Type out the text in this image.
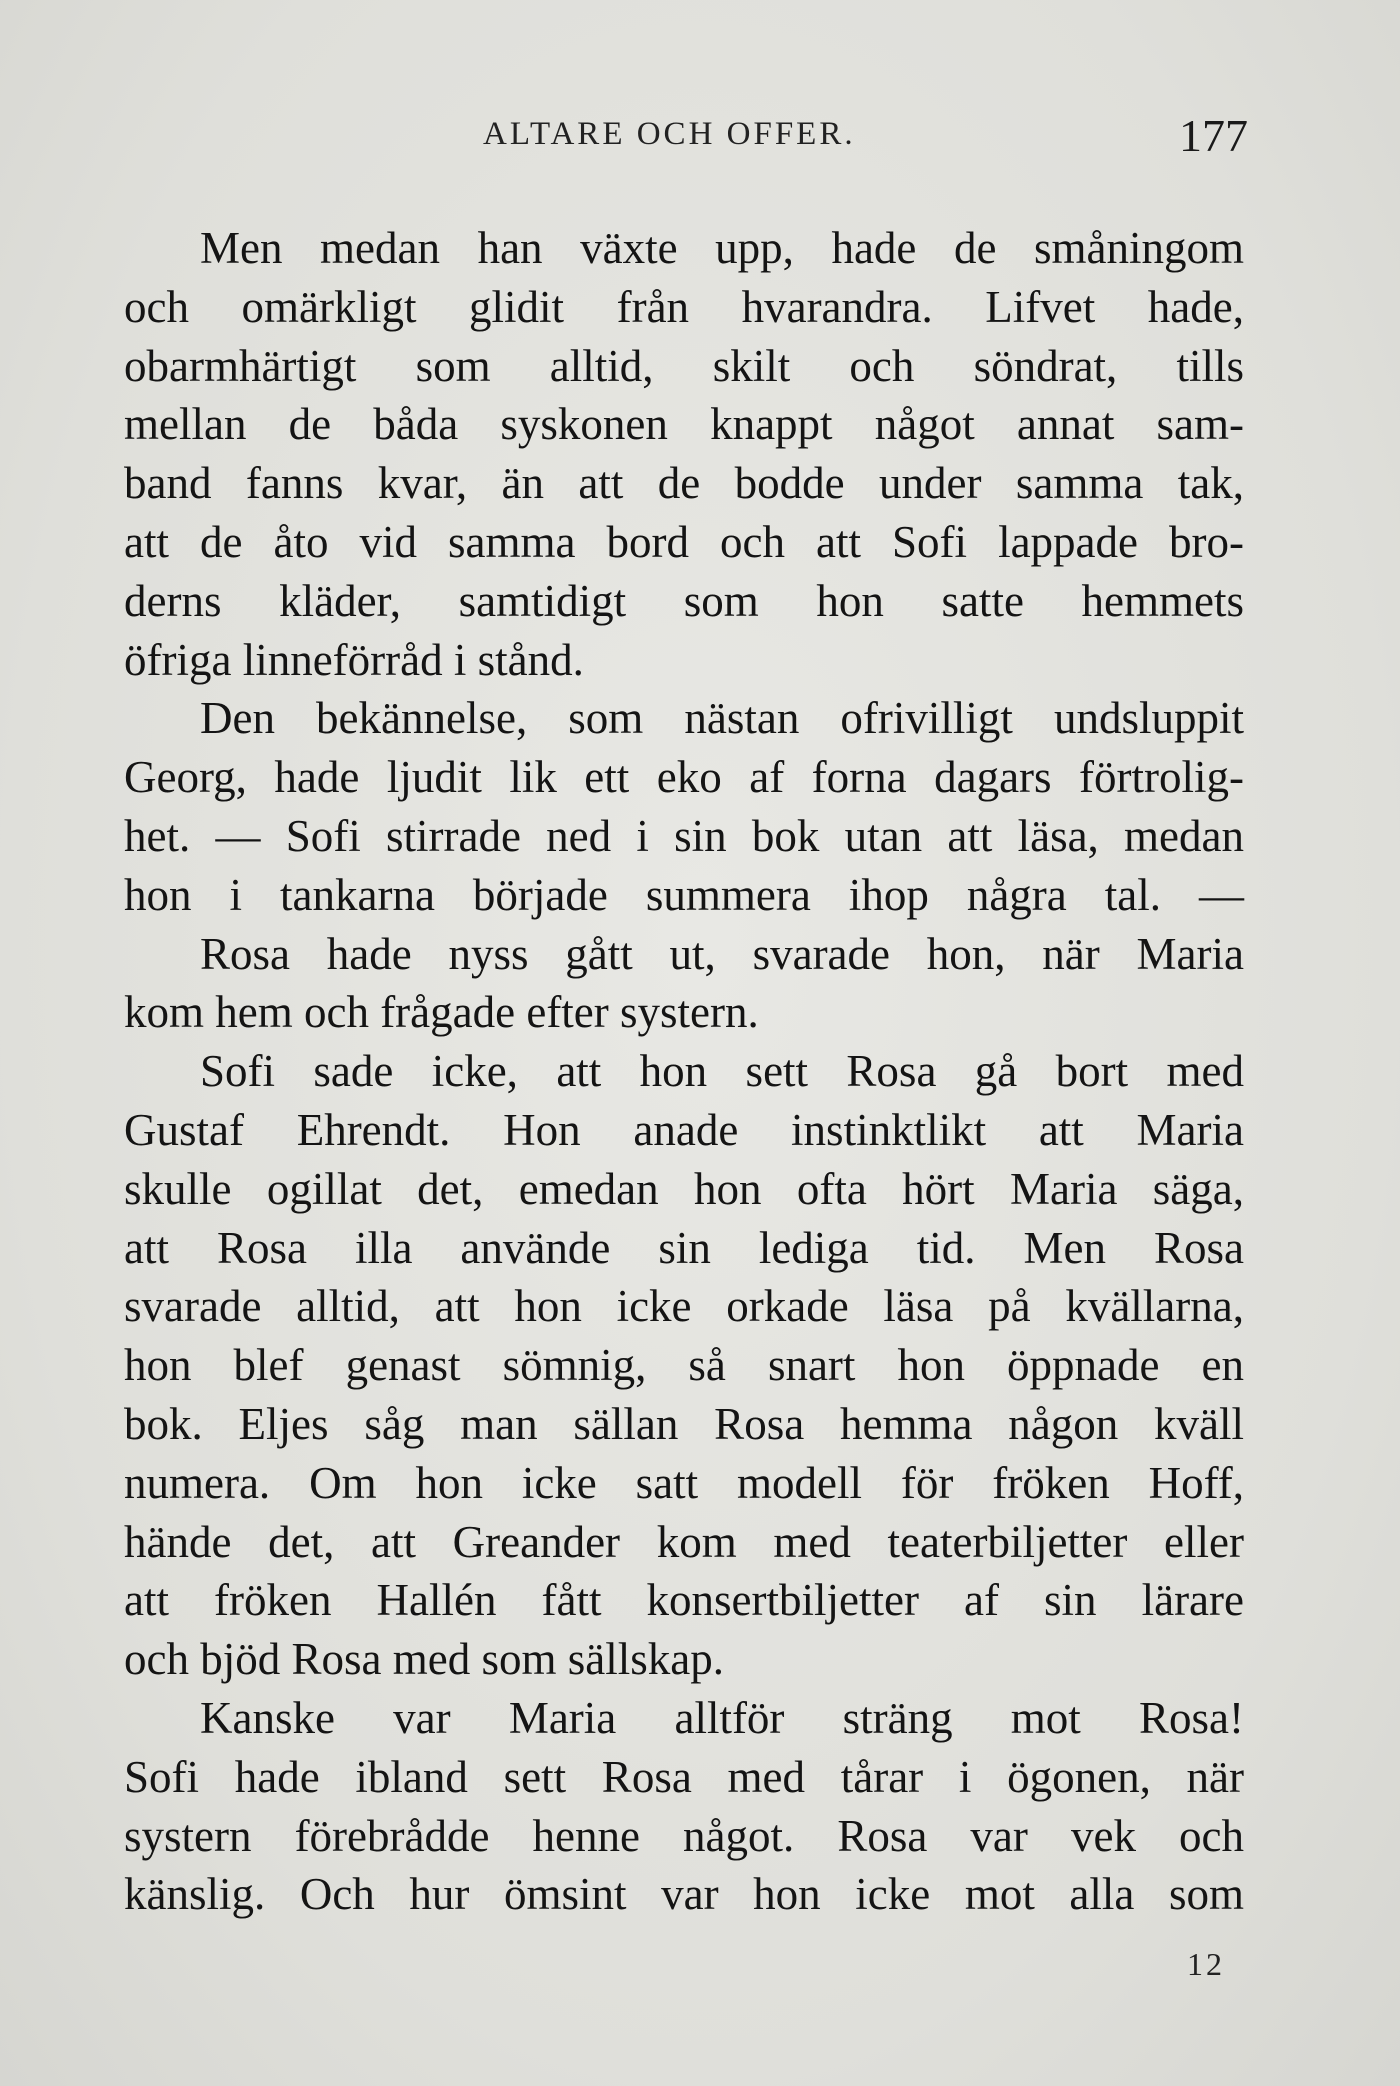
ALTARE OCH OFFER.	177
Men medan han växte upp, hade de småningom
och omärkligt glidit från hvarandra. Lifvet hade,
obarmhärtigt som alltid, skilt och söndrat, tills
mellan de båda syskonen knappt något annat sam-
band fanns kvar, än att de bodde under samma tak,
att de åto vid samma bord och att Sofi lappade bro-
derns kläder, samtidigt som hon satte hemmets
öfriga linneförråd i stånd.
Den bekännelse, som nästan ofrivilligt undsluppit
Georg, hade ljudit lik ett eko af forna dagars förtrolig-
het. — Sofi stirrade ned i sin bok utan att läsa, medan
hon i tankarna började summera ihop några tal. —
Rosa hade nyss gått ut, svarade hon, när Maria
kom hem och frågade efter systern.
Sofi sade icke, att hon sett Rosa gå bort med
Gustaf Ehrendt. Hon anade instinktlikt att Maria
skulle ogillat det, emedan hon ofta hört Maria säga,
att Rosa illa använde sin lediga tid. Men Rosa
svarade alltid, att hon icke orkade läsa på kvällarna,
hon blef genast sömnig, så snart hon öppnade en
bok. Eljes såg man sällan Rosa hemma någon kväll
numera. Om hon icke satt modell för fröken Hoff,
hände det, att Greander kom med teaterbiljetter eller
att fröken Hallén fått konsertbiljetter af sin lärare
och bjöd Rosa med som sällskap.
Kanske var Maria alltför sträng mot Rosa!
Sofi hade ibland sett Rosa med tårar i ögonen, när
systern förebrådde henne något. Rosa var vek och
känslig. Och hur ömsint var hon icke mot alla som
12
